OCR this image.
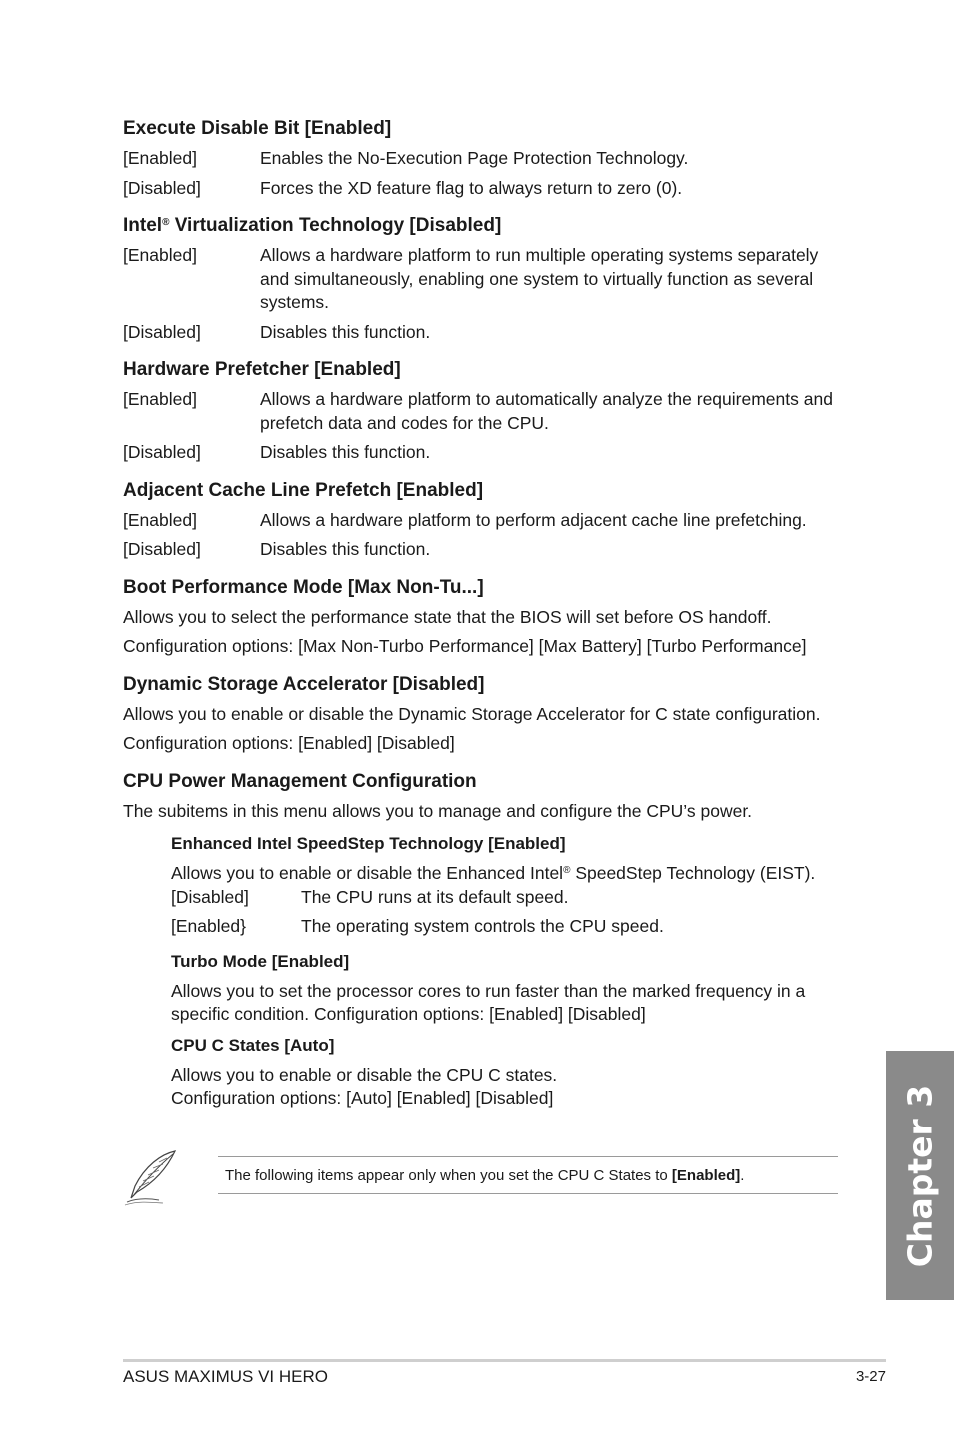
Execute Disable Bit [Enabled]
[Enabled]	Enables the No-Execution Page Protection Technology.
[Disabled]	Forces the XD feature flag to always return to zero (0).
Intel® Virtualization Technology [Disabled]
[Enabled]	Allows a hardware platform to run multiple operating systems separately and simultaneously, enabling one system to virtually function as several systems.
[Disabled]	Disables this function.
Hardware Prefetcher [Enabled]
[Enabled]	Allows a hardware platform to automatically analyze the requirements and prefetch data and codes for the CPU.
[Disabled]	Disables this function.
Adjacent Cache Line Prefetch [Enabled]
[Enabled]	Allows a hardware platform to perform adjacent cache line prefetching.
[Disabled]	Disables this function.
Boot Performance Mode [Max Non-Tu...]
Allows you to select the performance state that the BIOS will set before OS handoff.
Configuration options: [Max Non-Turbo Performance] [Max Battery] [Turbo Performance]
Dynamic Storage Accelerator [Disabled]
Allows you to enable or disable the Dynamic Storage Accelerator for C state configuration.
Configuration options: [Enabled] [Disabled]
CPU Power Management Configuration
The subitems in this menu allows you to manage and configure the CPU’s power.
Enhanced Intel SpeedStep Technology [Enabled]
Allows you to enable or disable the Enhanced Intel® SpeedStep Technology (EIST).
[Disabled]	The CPU runs at its default speed.
[Enabled}	The operating system controls the CPU speed.
Turbo Mode [Enabled]
Allows you to set the processor cores to run faster than the marked frequency in a specific condition. Configuration options: [Enabled] [Disabled]
CPU C States [Auto]
Allows you to enable or disable the CPU C states.
Configuration options: [Auto] [Enabled] [Disabled]
The following items appear only when you set the CPU C States to [Enabled].	Chapter 3
ASUS MAXIMUS VI HERO	3-27
